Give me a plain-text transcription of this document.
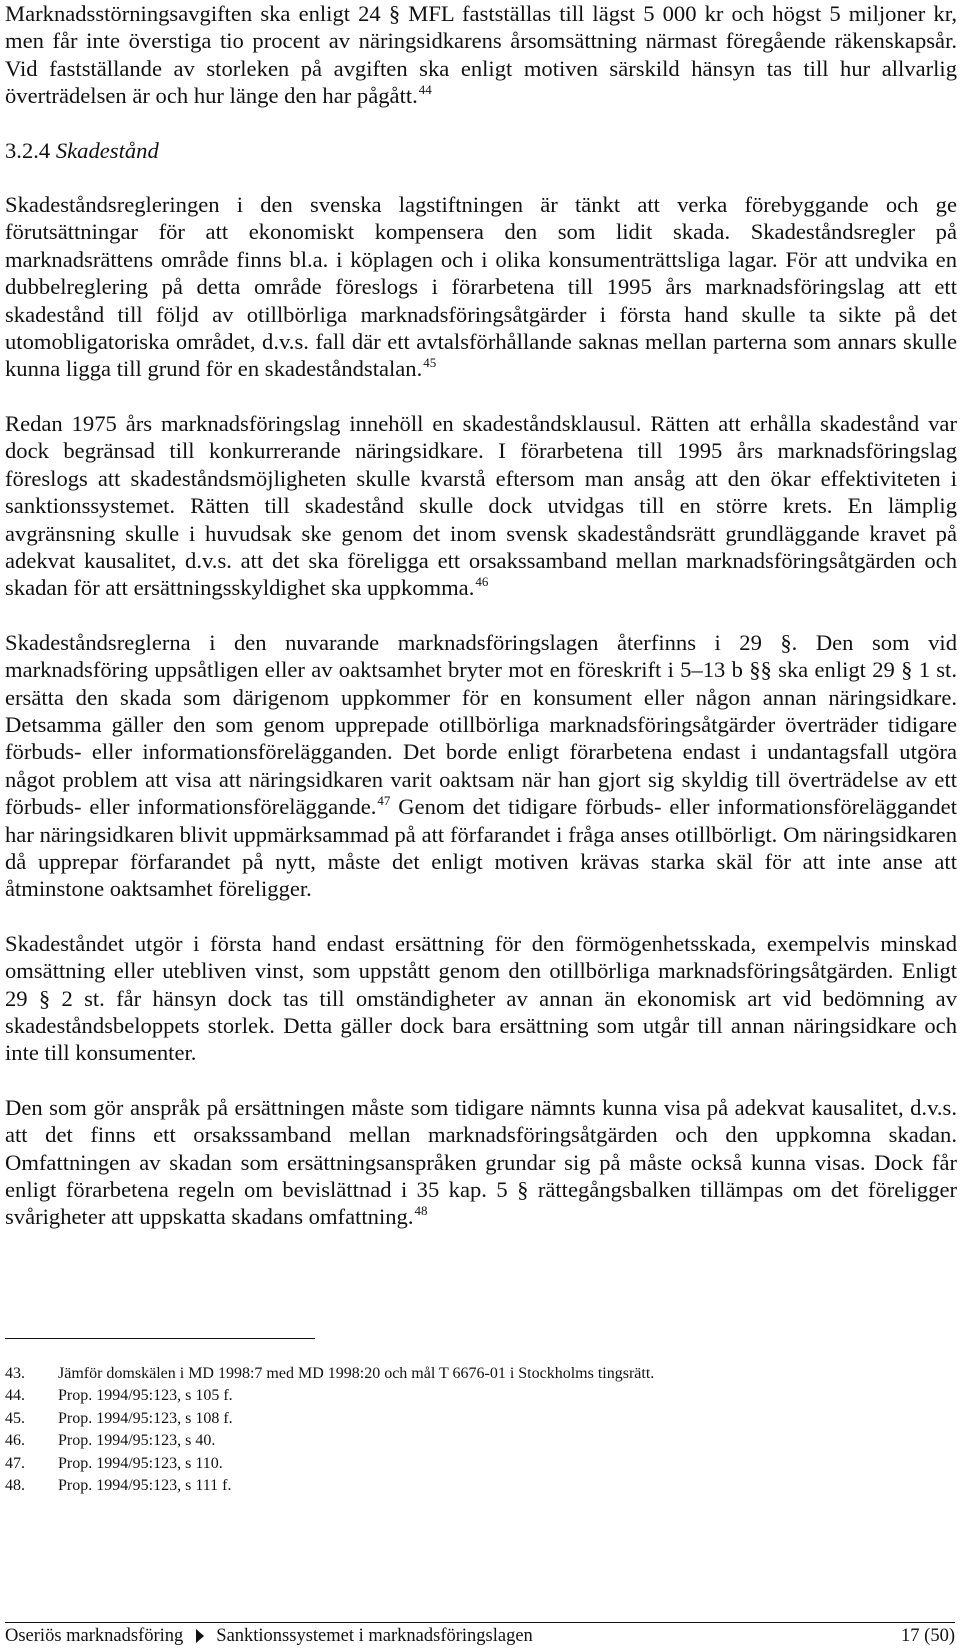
Marknadsstörningsavgiften ska enligt 24 § MFL fastställas till lägst 5 000 kr och högst 5 miljoner kr, men får inte överstiga tio procent av näringsidkarens årsomsättning närmast föregående räkenskapsår. Vid fastställande av storleken på avgiften ska enligt motiven särskild hänsyn tas till hur allvarlig överträdelsen är och hur länge den har pågått.$^{44}$

3.2.4 Skadestånd

Skadeståndsregleringen i den svenska lagstiftningen är tänkt att verka förebyggande och ge förutsättningar för att ekonomiskt kompensera den som lidit skada. Skadeståndsregler på marknadsrättens område finns bl.a. i köplagen och i olika konsumenträttsliga lagar. För att undvika en dubbelreglering på detta område föreslogs i förarbetena till 1995 års marknadsföringslag att ett skadestånd till följd av otillbörliga marknadsföringsåtgärder i första hand skulle ta sikte på det utomobligatoriska området, d.v.s. fall där ett avtalsförhållande saknas mellan parterna som annars skulle kunna ligga till grund för en skadeståndstalan.$^{45}$

Redan 1975 års marknadsföringslag innehöll en skadeståndsklausul. Rätten att erhålla skadestånd var dock begränsad till konkurrerande näringsidkare. I förarbetena till 1995 års marknadsföringslag föreslogs att skadeståndsmöjligheten skulle kvarstå eftersom man ansåg att den ökar effektiviteten i sanktionssystemet. Rätten till skadestånd skulle dock utvidgas till en större krets. En lämplig avgränsning skulle i huvudsak ske genom det inom svensk skadeståndsrätt grundläggande kravet på adekvat kausalitet, d.v.s. att det ska föreligga ett orsakssamband mellan marknadsföringsåtgärden och skadan för att ersättningsskyldighet ska uppkomma.$^{46}$

Skadeståndsreglerna i den nuvarande marknadsföringslagen återfinns i 29 §. Den som vid marknadsföring uppsåtligen eller av oaktsamhet bryter mot en föreskrift i 5–13 b §§ ska enligt 29 § 1 st. ersätta den skada som därigenom uppkommer för en konsument eller någon annan näringsidkare. Detsamma gäller den som genom upprepade otillbörliga marknadsföringsåtgärder överträder tidigare förbuds- eller informationsförelägganden. Det borde enligt förarbetena endast i undantagsfall utgöra något problem att visa att näringsidkaren varit oaktsam när han gjort sig skyldig till överträdelse av ett förbuds- eller informationsföreläggande.$^{47}$ Genom det tidigare förbuds- eller informationsföreläggandet har näringsidkaren blivit uppmärksammad på att förfarandet i fråga anses otillbörligt. Om näringsidkaren då upprepar förfarandet på nytt, måste det enligt motiven krävas starka skäl för att inte anse att åtminstone oaktsamhet föreligger.

Skadeståndet utgör i första hand endast ersättning för den förmögenhetsskada, exempelvis minskad omsättning eller utebliven vinst, som uppstått genom den otillbörliga marknadsföringsåtgärden. Enligt 29 § 2 st. får hänsyn dock tas till omständigheter av annan än ekonomisk art vid bedömning av skadeståndsbeloppets storlek. Detta gäller dock bara ersättning som utgår till annan näringsidkare och inte till konsumenter.

Den som gör anspråk på ersättningen måste som tidigare nämnts kunna visa på adekvat kausalitet, d.v.s. att det finns ett orsakssamband mellan marknadsföringsåtgärden och den uppkomna skadan. Omfattningen av skadan som ersättningsanspråken grundar sig på måste också kunna visas. Dock får enligt förarbetena regeln om bevislättnad i 35 kap. 5 § rättegångsbalken tillämpas om det föreligger svårigheter att uppskatta skadans omfattning.$^{48}$

43.	Jämför domskälen i MD 1998:7 med MD 1998:20 och mål T 6676-01 i Stockholms tingsrätt.
44.	Prop. 1994/95:123, s 105 f.
45.	Prop. 1994/95:123, s 108 f.
46.	Prop. 1994/95:123, s 40.
47.	Prop. 1994/95:123, s 110.
48.	Prop. 1994/95:123, s 111 f.
Oseriös marknadsföring Sanktionssystemet i marknadsföringslagen	17 (50)
